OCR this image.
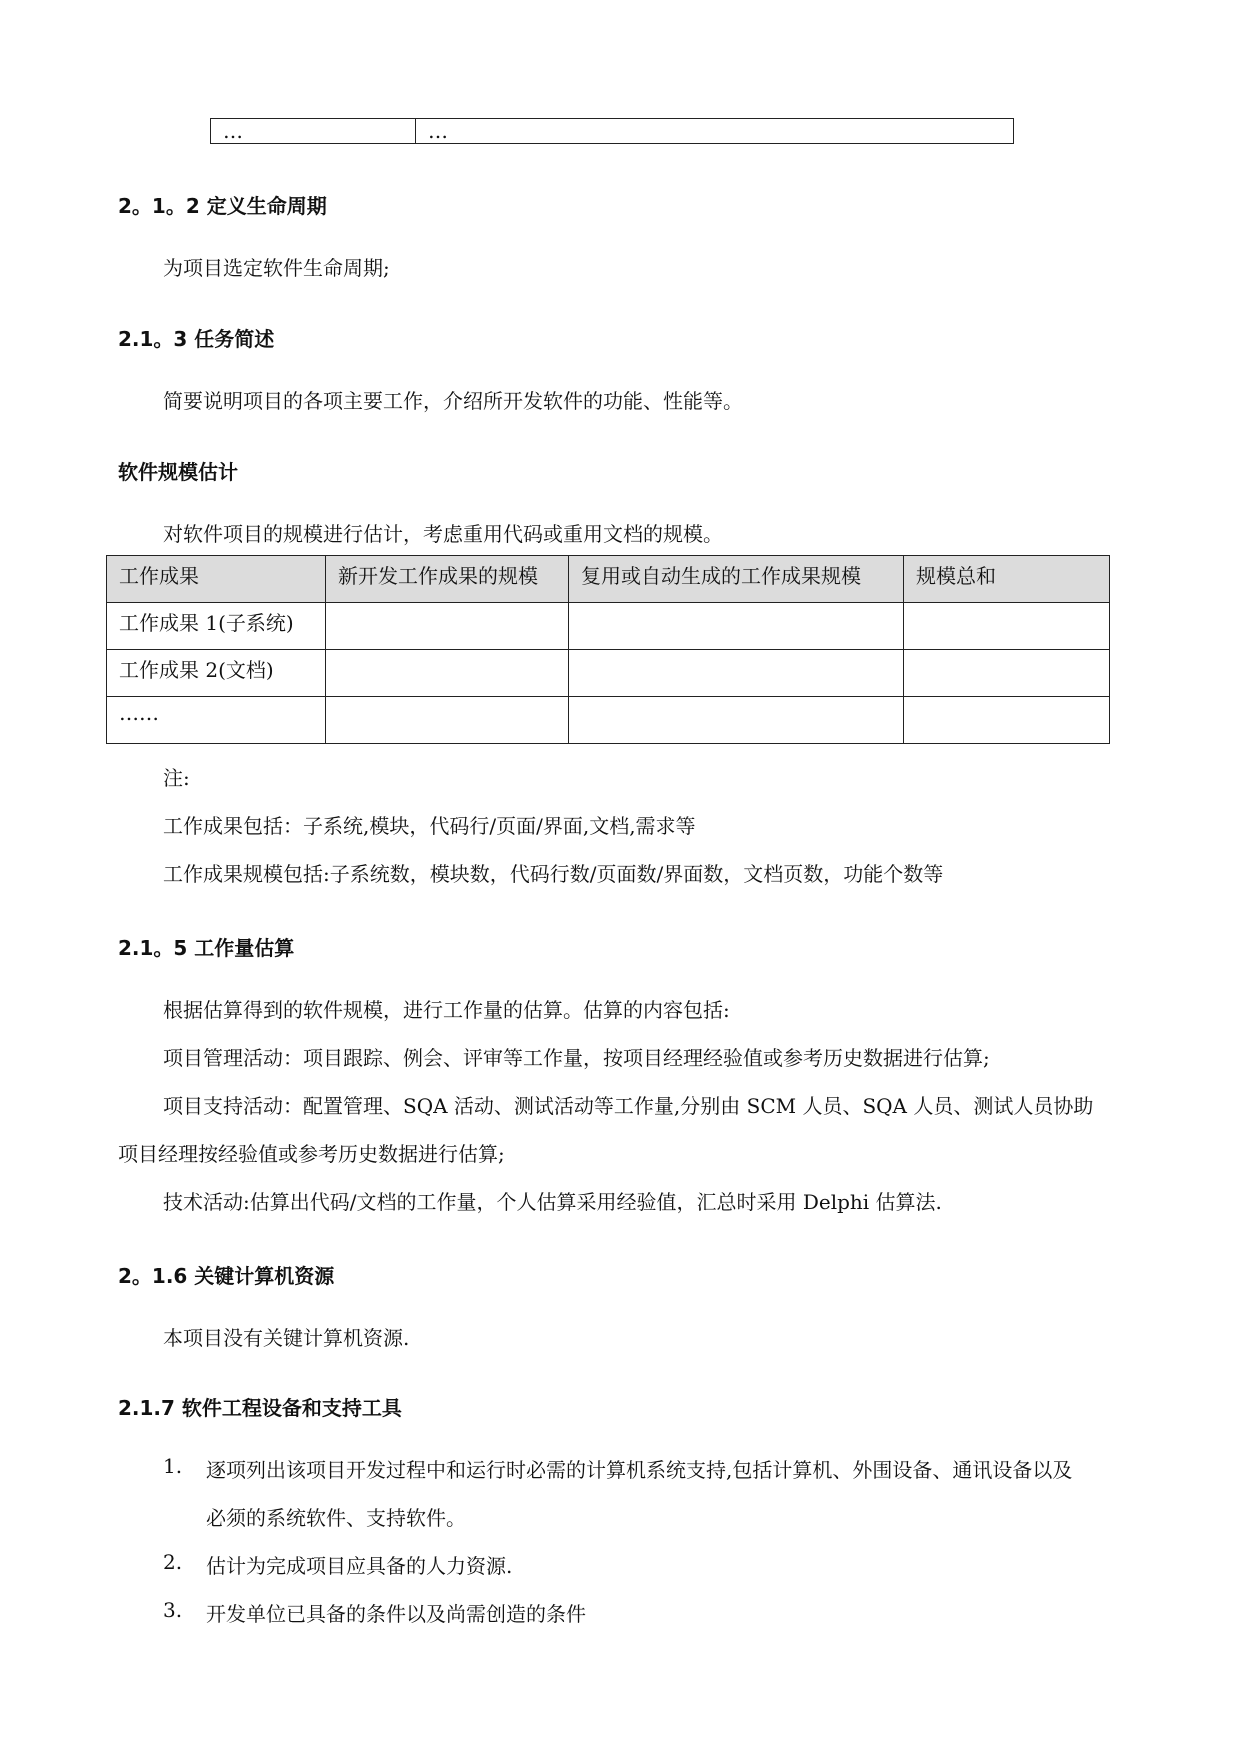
…	…
2。1。2 定义生命周期
为项目选定软件生命周期;
2.1。3 任务简述
简要说明项目的各项主要工作，介绍所开发软件的功能、性能等。
软件规模估计
对软件项目的规模进行估计，考虑重用代码或重用文档的规模。
工作成果	新开发工作成果的规模	复用或自动生成的工作成果规模	规模总和
工作成果 1(子系统)			
工作成果 2(文档)			
……			
注:
工作成果包括：子系统,模块，代码行/页面/界面,文档,需求等
工作成果规模包括:子系统数，模块数，代码行数/页面数/界面数，文档页数，功能个数等
2.1。5 工作量估算
根据估算得到的软件规模，进行工作量的估算。估算的内容包括:
项目管理活动：项目跟踪、例会、评审等工作量，按项目经理经验值或参考历史数据进行估算;
项目支持活动：配置管理、SQA 活动、测试活动等工作量,分别由 SCM 人员、SQA 人员、测试人员协助
项目经理按经验值或参考历史数据进行估算;
技术活动:估算出代码/文档的工作量，个人估算采用经验值，汇总时采用 Delphi 估算法.
2。1.6 关键计算机资源
本项目没有关键计算机资源.
2.1.7 软件工程设备和支持工具
1. 逐项列出该项目开发过程中和运行时必需的计算机系统支持,包括计算机、外围设备、通讯设备以及
必须的系统软件、支持软件。
2. 估计为完成项目应具备的人力资源.
3. 开发单位已具备的条件以及尚需创造的条件
